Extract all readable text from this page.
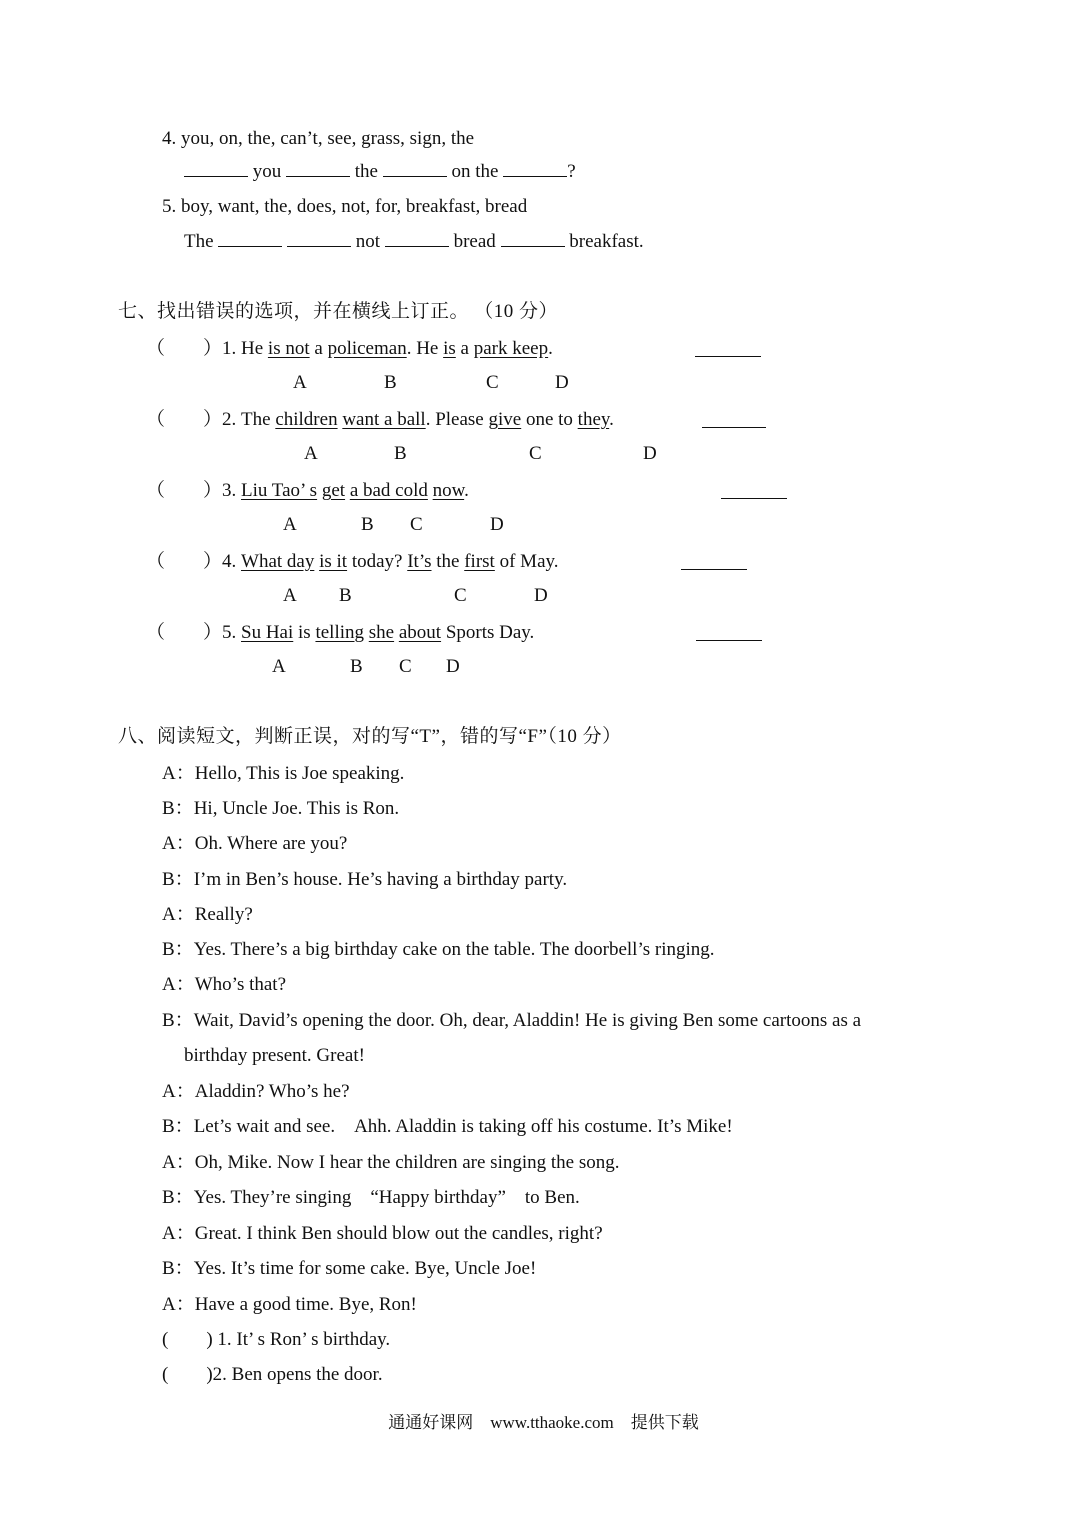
4. you, on, the, can’t, see, grass, sign, the
you	the	on the	?
5. boy, want, the, does, not, for, breakfast, bread
The	not	bread	breakfast.
七、找出错误的选项，并在横线上订正。 （10 分）
（　　）1. He is not a policeman. He is a park keep.
A	B	C	D
（　　）2. The children want a ball. Please give one to they.
A	B	C	D
（　　）3. Liu Tao’ s get a bad cold now.
A	B C	D
（　　）4. What day is it today? It’s the first of May.
A B	C	D
（　　）5. Su Hai is telling she about Sports Day.
A	B C D
八、阅读短文，判断正误，对的写“T”，错的写“F”（10 分）
A：Hello, This is Joe speaking.
B：Hi, Uncle Joe. This is Ron.
A：Oh. Where are you?
B：I’m in Ben’s house. He’s having a birthday party.
A：Really?
B：Yes. There’s a big birthday cake on the table. The doorbell’s ringing.
A：Who’s that?
B：Wait, David’s opening the door. Oh, dear, Aladdin! He is giving Ben some cartoons as a
birthday present. Great!
A：Aladdin? Who’s he?
B：Let’s wait and see.　Ahh. Aladdin is taking off his costume. It’s Mike!
A：Oh, Mike. Now I hear the children are singing the song.
B：Yes. They’re singing　“Happy birthday”　to Ben.
A：Great. I think Ben should blow out the candles, right?
B：Yes. It’s time for some cake. Bye, Uncle Joe!
A：Have a good time. Bye, Ron!
(　　) 1. It’ s Ron’ s birthday.
(　　)2. Ben opens the door.
通通好课网　www.tthaoke.com　提供下载
